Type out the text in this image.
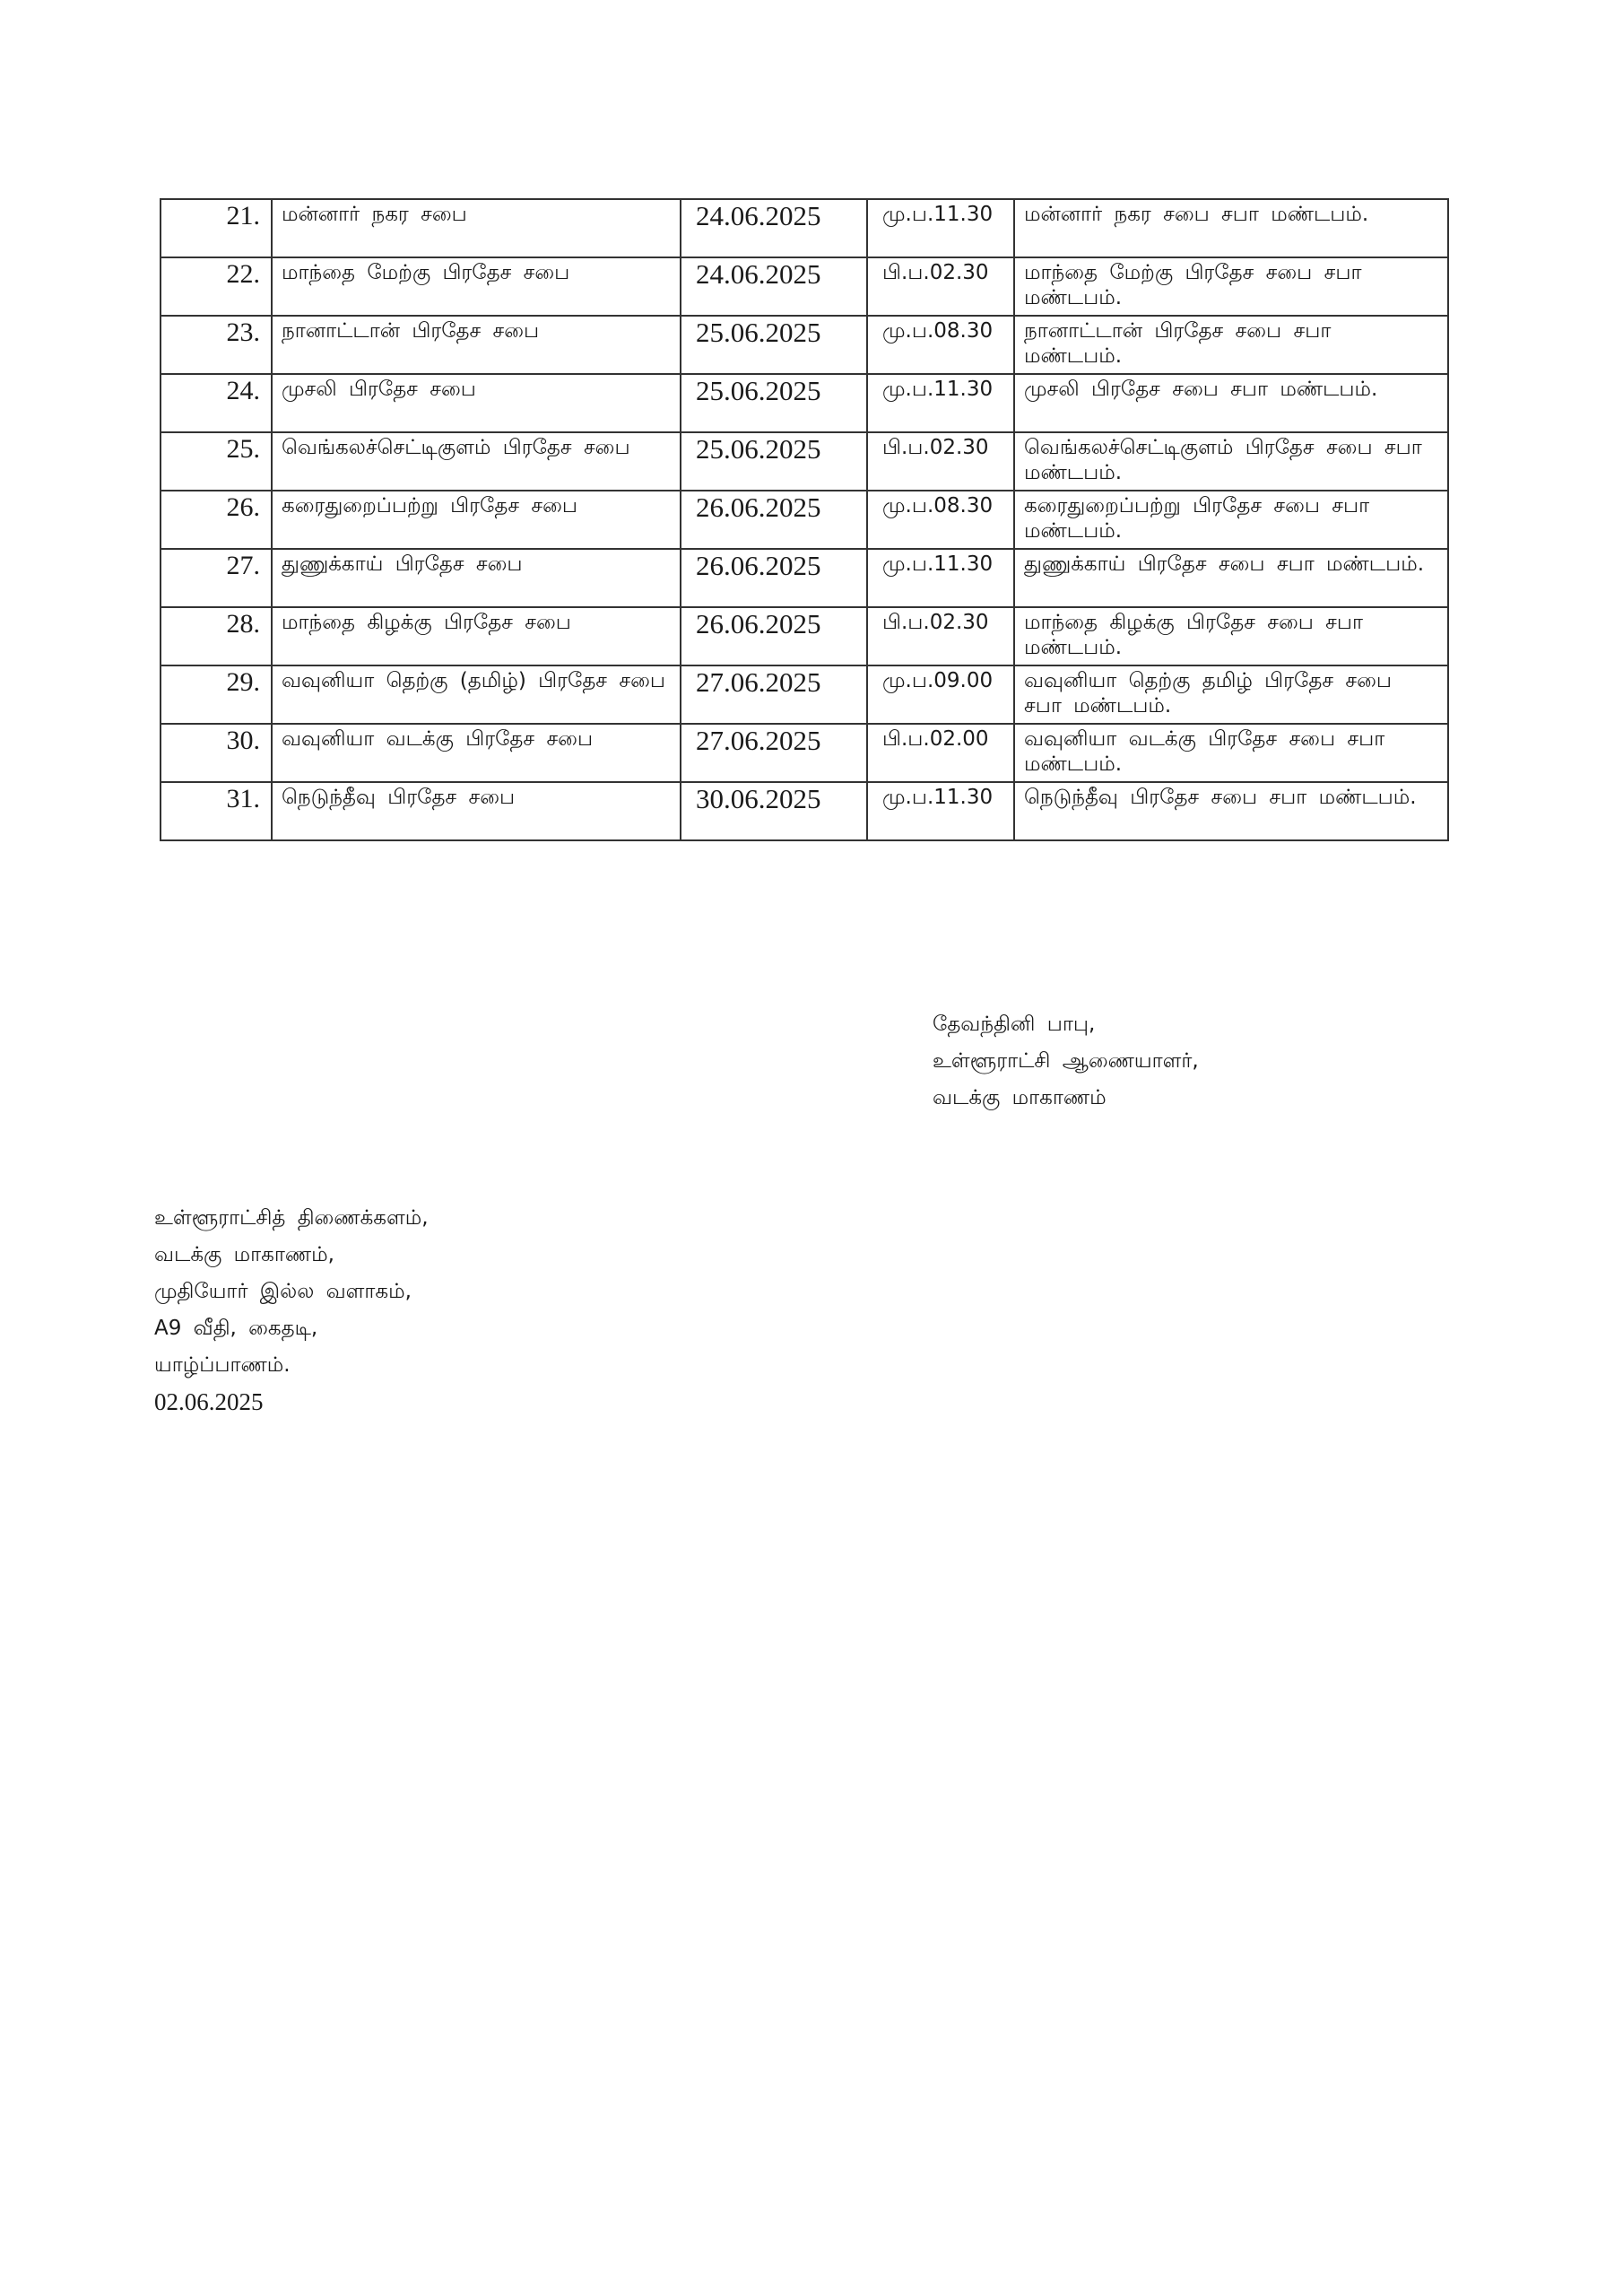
21.	மன்னார் நகர சபை	24.06.2025	மு.ப.11.30	மன்னார் நகர சபை சபா மண்டபம்.
22.	மாந்தை மேற்கு பிரதேச சபை	24.06.2025	பி.ப.02.30	மாந்தை மேற்கு பிரதேச சபை சபா மண்டபம்.
23.	நானாட்டான் பிரதேச சபை	25.06.2025	மு.ப.08.30	நானாட்டான் பிரதேச சபை சபா மண்டபம்.
24.	முசலி பிரதேச சபை	25.06.2025	மு.ப.11.30	முசலி பிரதேச சபை சபா மண்டபம்.
25.	வெங்கலச்செட்டிகுளம் பிரதேச சபை	25.06.2025	பி.ப.02.30	வெங்கலச்செட்டிகுளம் பிரதேச சபை சபா மண்டபம்.
26.	கரைதுறைப்பற்று பிரதேச சபை	26.06.2025	மு.ப.08.30	கரைதுறைப்பற்று பிரதேச சபை சபா மண்டபம்.
27.	துணுக்காய் பிரதேச சபை	26.06.2025	மு.ப.11.30	துணுக்காய் பிரதேச சபை சபா மண்டபம்.
28.	மாந்தை கிழக்கு பிரதேச சபை	26.06.2025	பி.ப.02.30	மாந்தை கிழக்கு பிரதேச சபை சபா மண்டபம்.
29.	வவுனியா தெற்கு (தமிழ்) பிரதேச சபை	27.06.2025	மு.ப.09.00	வவுனியா தெற்கு தமிழ் பிரதேச சபை சபா மண்டபம்.
30.	வவுனியா வடக்கு பிரதேச சபை	27.06.2025	பி.ப.02.00	வவுனியா வடக்கு பிரதேச சபை சபா மண்டபம்.
31.	நெடுந்தீவு பிரதேச சபை	30.06.2025	மு.ப.11.30	நெடுந்தீவு பிரதேச சபை சபா மண்டபம்.
தேவந்தினி பாபு,
உள்ளூராட்சி ஆணையாளர்,
வடக்கு மாகாணம்
உள்ளூராட்சித் திணைக்களம்,
வடக்கு மாகாணம்,
முதியோர் இல்ல வளாகம்,
A9 வீதி, கைதடி,
யாழ்ப்பாணம்.
02.06.2025
